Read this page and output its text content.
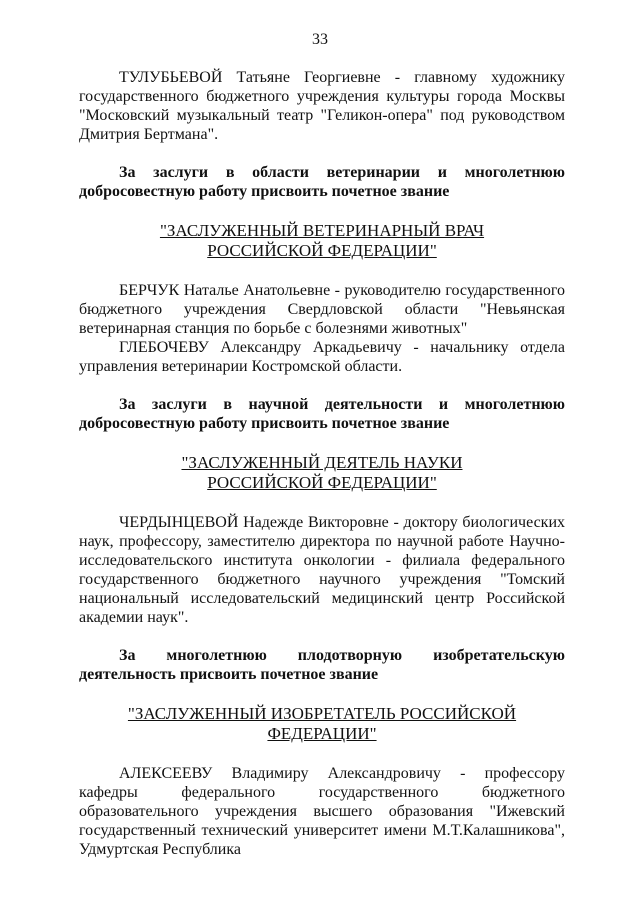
33

ТУЛУБЬЕВОЙ Татьяне Георгиевне - главному художнику государственного бюджетного учреждения культуры города Москвы "Московский музыкальный театр "Геликон-опера" под руководством Дмитрия Бертмана".

За заслуги в области ветеринарии и многолетнюю добросовестную работу присвоить почетное звание

"ЗАСЛУЖЕННЫЙ ВЕТЕРИНАРНЫЙ ВРАЧ

РОССИЙСКОЙ ФЕДЕРАЦИИ"

БЕРЧУК Наталье Анатольевне - руководителю государственного бюджетного учреждения Свердловской области "Невьянская ветеринарная станция по борьбе с болезнями животных"

ГЛЕБОЧЕВУ Александру Аркадьевичу - начальнику отдела управления ветеринарии Костромской области.

За заслуги в научной деятельности и многолетнюю добросовестную работу присвоить почетное звание

"ЗАСЛУЖЕННЫЙ ДЕЯТЕЛЬ НАУКИ

РОССИЙСКОЙ ФЕДЕРАЦИИ"

ЧЕРДЫНЦЕВОЙ Надежде Викторовне - доктору биологических наук, профессору, заместителю директора по научной работе Научно-исследовательского института онкологии - филиала федерального государственного бюджетного научного учреждения "Томский национальный исследовательский медицинский центр Российской академии наук".

За многолетнюю плодотворную изобретательскую деятельность присвоить почетное звание

"ЗАСЛУЖЕННЫЙ ИЗОБРЕТАТЕЛЬ РОССИЙСКОЙ ФЕДЕРАЦИИ"

АЛЕКСЕЕВУ Владимиру Александровичу - профессору кафедры федерального государственного бюджетного образовательного учреждения высшего образования "Ижевский государственный технический университет имени М.Т.Калашникова", Удмуртская Республика
